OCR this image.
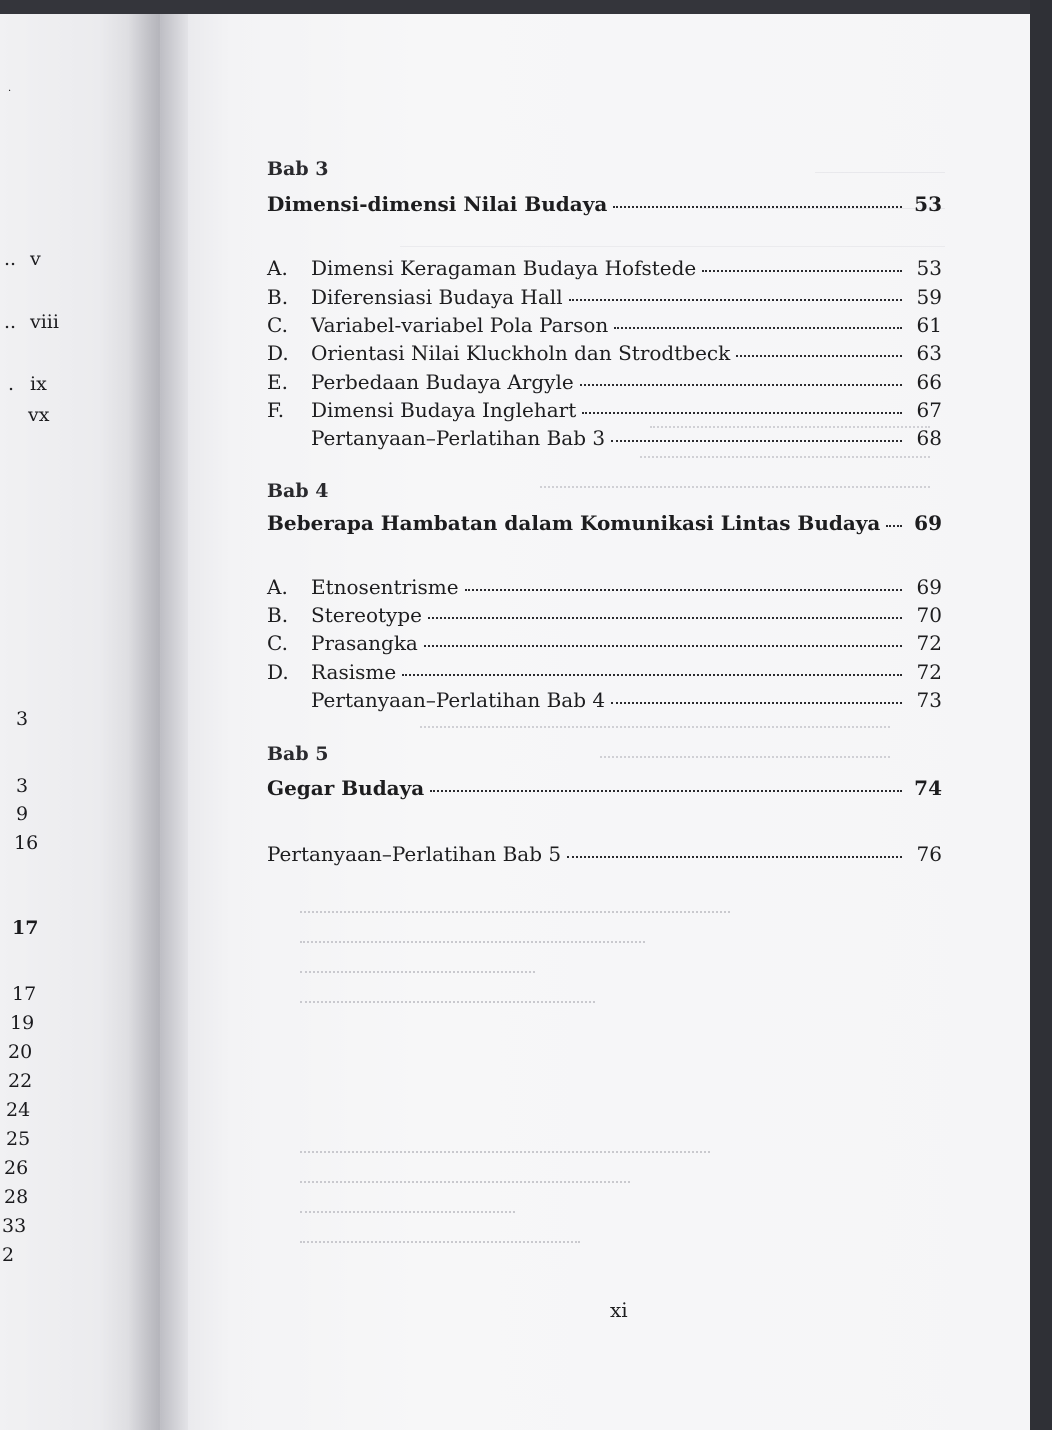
v
viii
ix
vx
3
3
9
16
17
17
19
20
22
24
25
26
28
33
2
·
..
..
.
Bab 3
Dimensi-dimensi Nilai Budaya	53
A.	Dimensi Keragaman Budaya Hofstede	53
B.	Diferensiasi Budaya Hall	59
C.	Variabel-variabel Pola Parson	61
D.	Orientasi Nilai Kluckholn dan Strodtbeck	63
E.	Perbedaan Budaya Argyle	66
F.	Dimensi Budaya Inglehart	67
Pertanyaan–Perlatihan Bab 3	68
Bab 4
Beberapa Hambatan dalam Komunikasi Lintas Budaya	69
A.	Etnosentrisme	69
B.	Stereotype	70
C.	Prasangka	72
D.	Rasisme	72
Pertanyaan–Perlatihan Bab 4	73
Bab 5
Gegar Budaya	74
Pertanyaan–Perlatihan Bab 5	76
xi
